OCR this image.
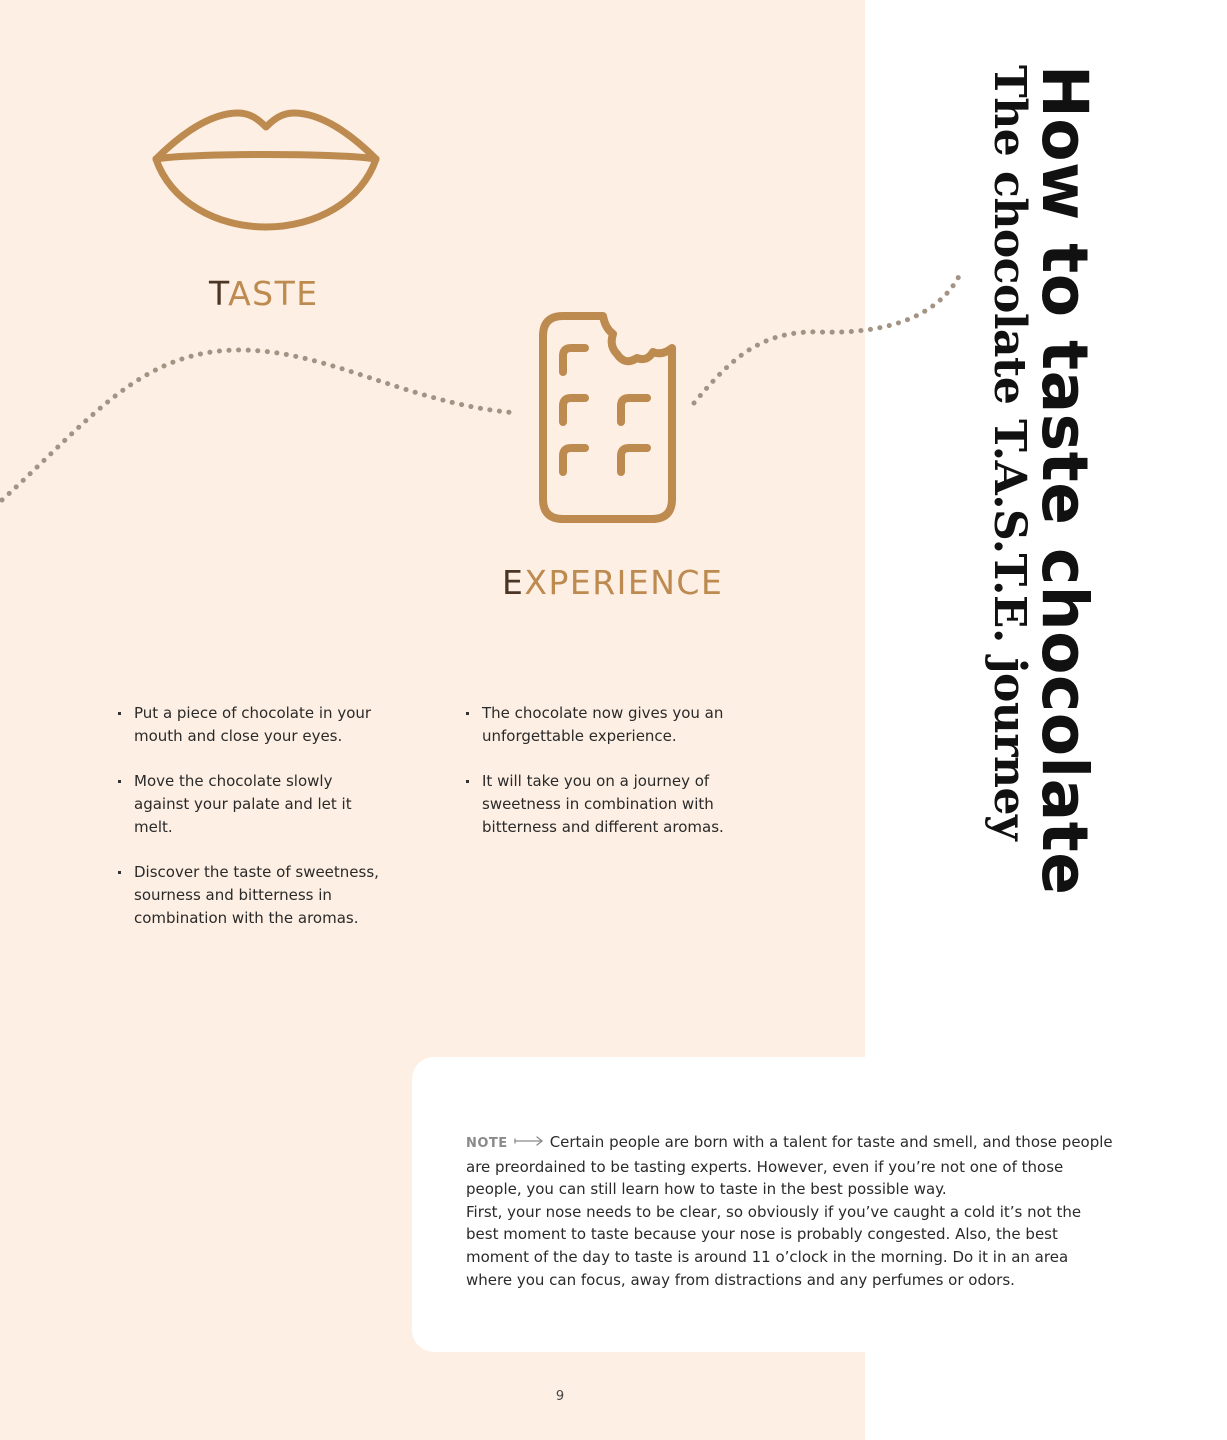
TASTE
EXPERIENCE
Put a piece of chocolate in your mouth and close your eyes.
Move the chocolate slowly against your palate and let it melt.
Discover the taste of sweetness, sourness and bitterness in combination with the aromas.
The chocolate now gives you an unforgettable experience.
It will take you on a journey of sweetness in combination with bitterness and different aromas.	How to taste chocolate
The chocolate T.A.S.T.E. journey

NOTE	Certain people are born with a talent for taste and smell, and those people are preordained to be tasting experts. However, even if you’re not one of those people, you can still learn how to taste in the best possible way.
First, your nose needs to be clear, so obviously if you’ve caught a cold it’s not the best moment to taste because your nose is probably congested. Also, the best moment of the day to taste is around 11 o’clock in the morning. Do it in an area where you can focus, away from distractions and any perfumes or odors.

9
